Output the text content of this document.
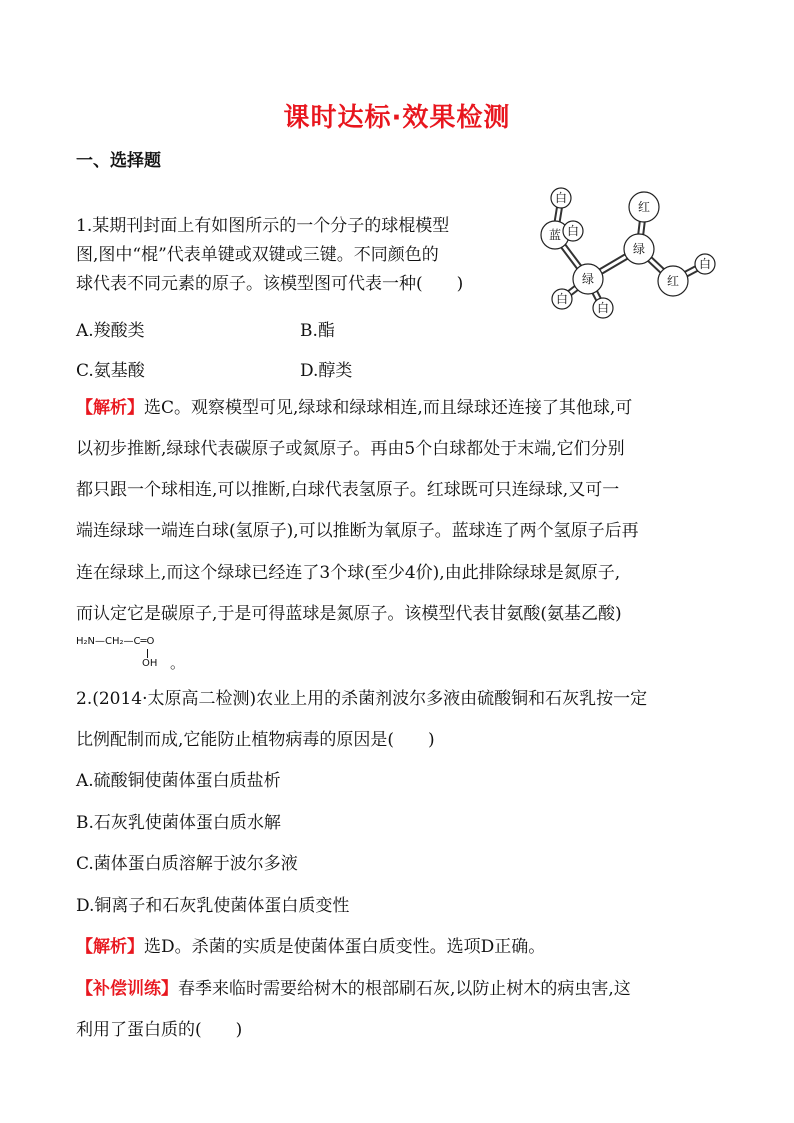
课时达标·效果检测
一、选择题
1.某期刊封面上有如图所示的一个分子的球棍模型
图,图中“棍”代表单键或双键或三键。不同颜色的
球代表不同元素的原子。该模型图可代表一种(　　)
白
蓝 白
绿
白
白
绿
红
红
白
A.羧酸类	B.酯
C.氨基酸	D.醇类
【解析】选C。观察模型可见,绿球和绿球相连,而且绿球还连接了其他球,可
以初步推断,绿球代表碳原子或氮原子。再由5个白球都处于末端,它们分别
都只跟一个球相连,可以推断,白球代表氢原子。红球既可只连绿球,又可一
端连绿球一端连白球(氢原子),可以推断为氧原子。蓝球连了两个氢原子后再
连在绿球上,而这个绿球已经连了3个球(至少4价),由此排除绿球是氮原子,
而认定它是碳原子,于是可得蓝球是氮原子。该模型代表甘氨酸(氨基乙酸)
H₂N—CH₂—C═O
OH 。
2.(2014·太原高二检测)农业上用的杀菌剂波尔多液由硫酸铜和石灰乳按一定
比例配制而成,它能防止植物病毒的原因是(　　)
A.硫酸铜使菌体蛋白质盐析
B.石灰乳使菌体蛋白质水解
C.菌体蛋白质溶解于波尔多液
D.铜离子和石灰乳使菌体蛋白质变性
【解析】选D。杀菌的实质是使菌体蛋白质变性。选项D正确。
【补偿训练】春季来临时需要给树木的根部刷石灰,以防止树木的病虫害,这
利用了蛋白质的(　　)
